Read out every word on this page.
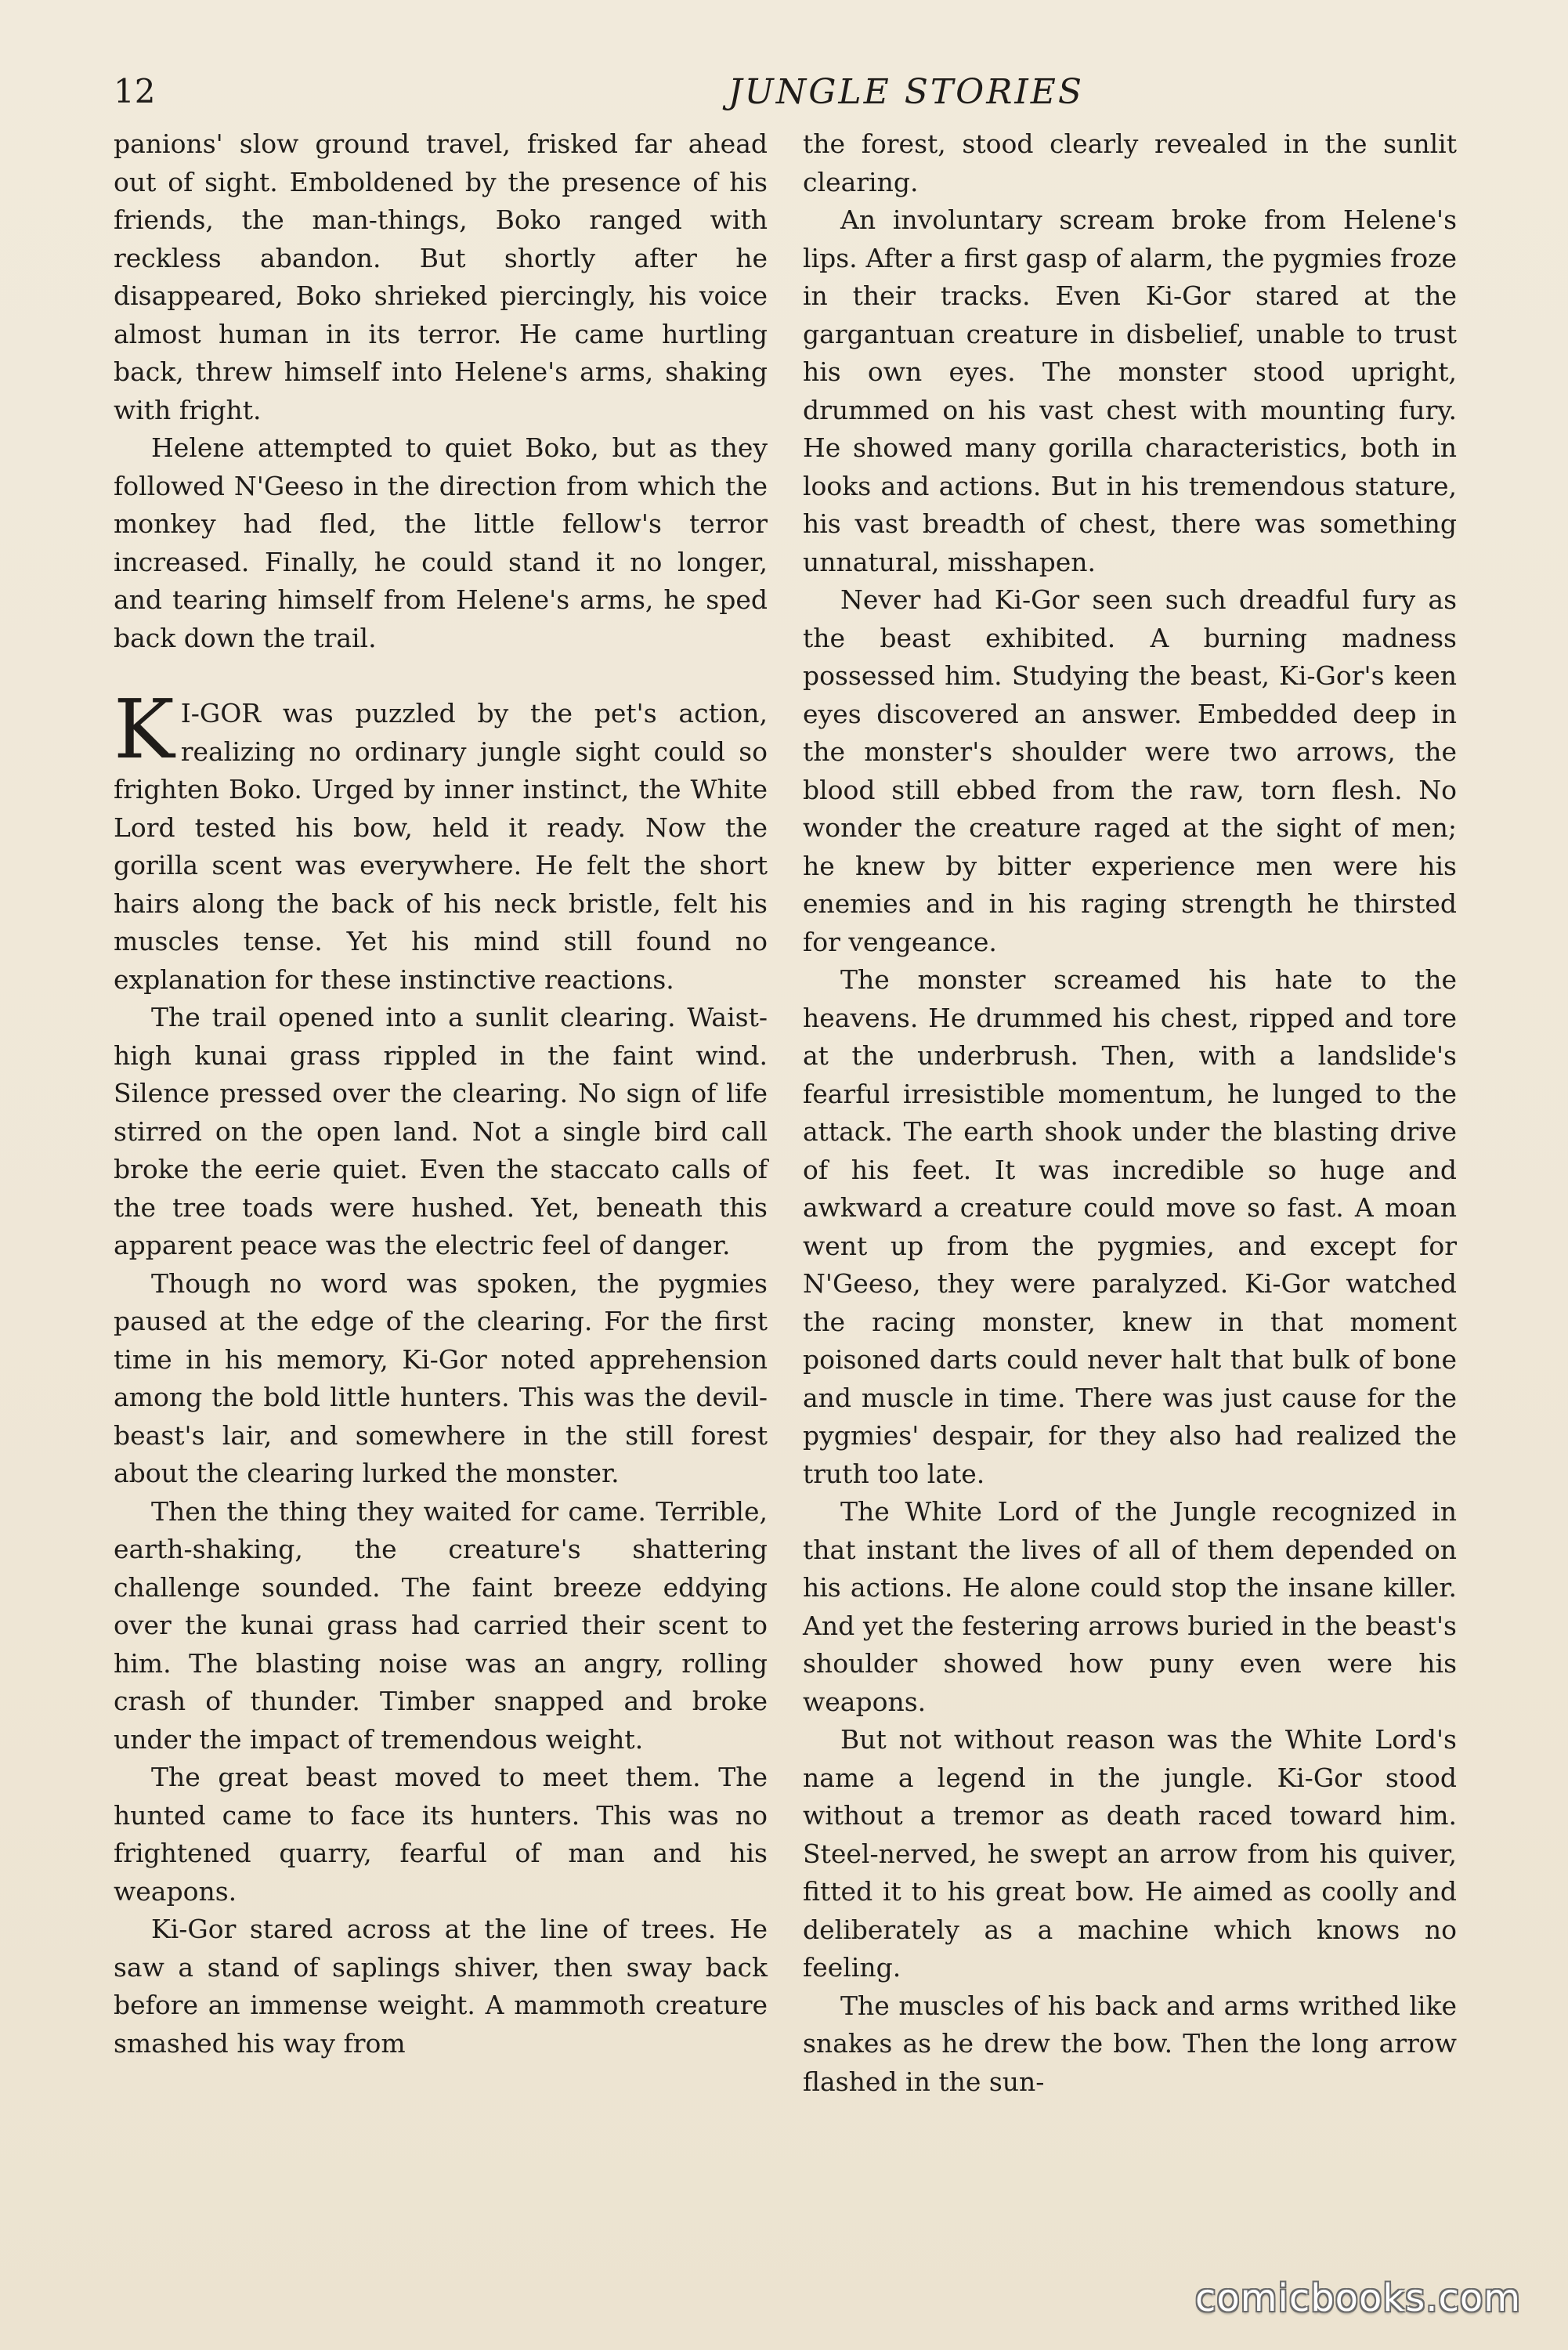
12	JUNGLE STORIES

panions' slow ground travel, frisked far ahead out of sight. Emboldened by the presence of his friends, the man-things, Boko ranged with reckless abandon. But shortly after he disappeared, Boko shrieked piercingly, his voice almost human in its terror. He came hurtling back, threw himself into Helene's arms, shaking with fright.

Helene attempted to quiet Boko, but as they followed N'Geeso in the direction from which the monkey had fled, the little fellow's terror increased. Finally, he could stand it no longer, and tearing himself from Helene's arms, he sped back down the trail.

K I-GOR was puzzled by the pet's action, realizing no ordinary jungle sight could so frighten Boko. Urged by inner instinct, the White Lord tested his bow, held it ready. Now the gorilla scent was everywhere. He felt the short hairs along the back of his neck bristle, felt his muscles tense. Yet his mind still found no explanation for these instinctive reactions.

The trail opened into a sunlit clearing. Waist-high kunai grass rippled in the faint wind. Silence pressed over the clearing. No sign of life stirred on the open land. Not a single bird call broke the eerie quiet. Even the staccato calls of the tree toads were hushed. Yet, beneath this apparent peace was the electric feel of danger.

Though no word was spoken, the pygmies paused at the edge of the clearing. For the first time in his memory, Ki-Gor noted apprehension among the bold little hunters. This was the devil-beast's lair, and somewhere in the still forest about the clearing lurked the monster.

Then the thing they waited for came. Terrible, earth-shaking, the creature's shattering challenge sounded. The faint breeze eddying over the kunai grass had carried their scent to him. The blasting noise was an angry, rolling crash of thunder. Timber snapped and broke under the impact of tremendous weight.

The great beast moved to meet them. The hunted came to face its hunters. This was no frightened quarry, fearful of man and his weapons.

Ki-Gor stared across at the line of trees. He saw a stand of saplings shiver, then sway back before an immense weight. A mammoth creature smashed his way from

the forest, stood clearly revealed in the sunlit clearing.

An involuntary scream broke from Helene's lips. After a first gasp of alarm, the pygmies froze in their tracks. Even Ki-Gor stared at the gargantuan creature in disbelief, unable to trust his own eyes. The monster stood upright, drummed on his vast chest with mounting fury. He showed many gorilla characteristics, both in looks and actions. But in his tremendous stature, his vast breadth of chest, there was something unnatural, misshapen.

Never had Ki-Gor seen such dreadful fury as the beast exhibited. A burning madness possessed him. Studying the beast, Ki-Gor's keen eyes discovered an answer. Embedded deep in the monster's shoulder were two arrows, the blood still ebbed from the raw, torn flesh. No wonder the creature raged at the sight of men; he knew by bitter experience men were his enemies and in his raging strength he thirsted for vengeance.

The monster screamed his hate to the heavens. He drummed his chest, ripped and tore at the underbrush. Then, with a landslide's fearful irresistible momentum, he lunged to the attack. The earth shook under the blasting drive of his feet. It was incredible so huge and awkward a creature could move so fast. A moan went up from the pygmies, and except for N'Geeso, they were paralyzed. Ki-Gor watched the racing monster, knew in that moment poisoned darts could never halt that bulk of bone and muscle in time. There was just cause for the pygmies' despair, for they also had realized the truth too late.

The White Lord of the Jungle recognized in that instant the lives of all of them depended on his actions. He alone could stop the insane killer. And yet the festering arrows buried in the beast's shoulder showed how puny even were his weapons.

But not without reason was the White Lord's name a legend in the jungle. Ki-Gor stood without a tremor as death raced toward him. Steel-nerved, he swept an arrow from his quiver, fitted it to his great bow. He aimed as coolly and deliberately as a machine which knows no feeling.

The muscles of his back and arms writhed like snakes as he drew the bow. Then the long arrow flashed in the sun-

comicbooks.com
